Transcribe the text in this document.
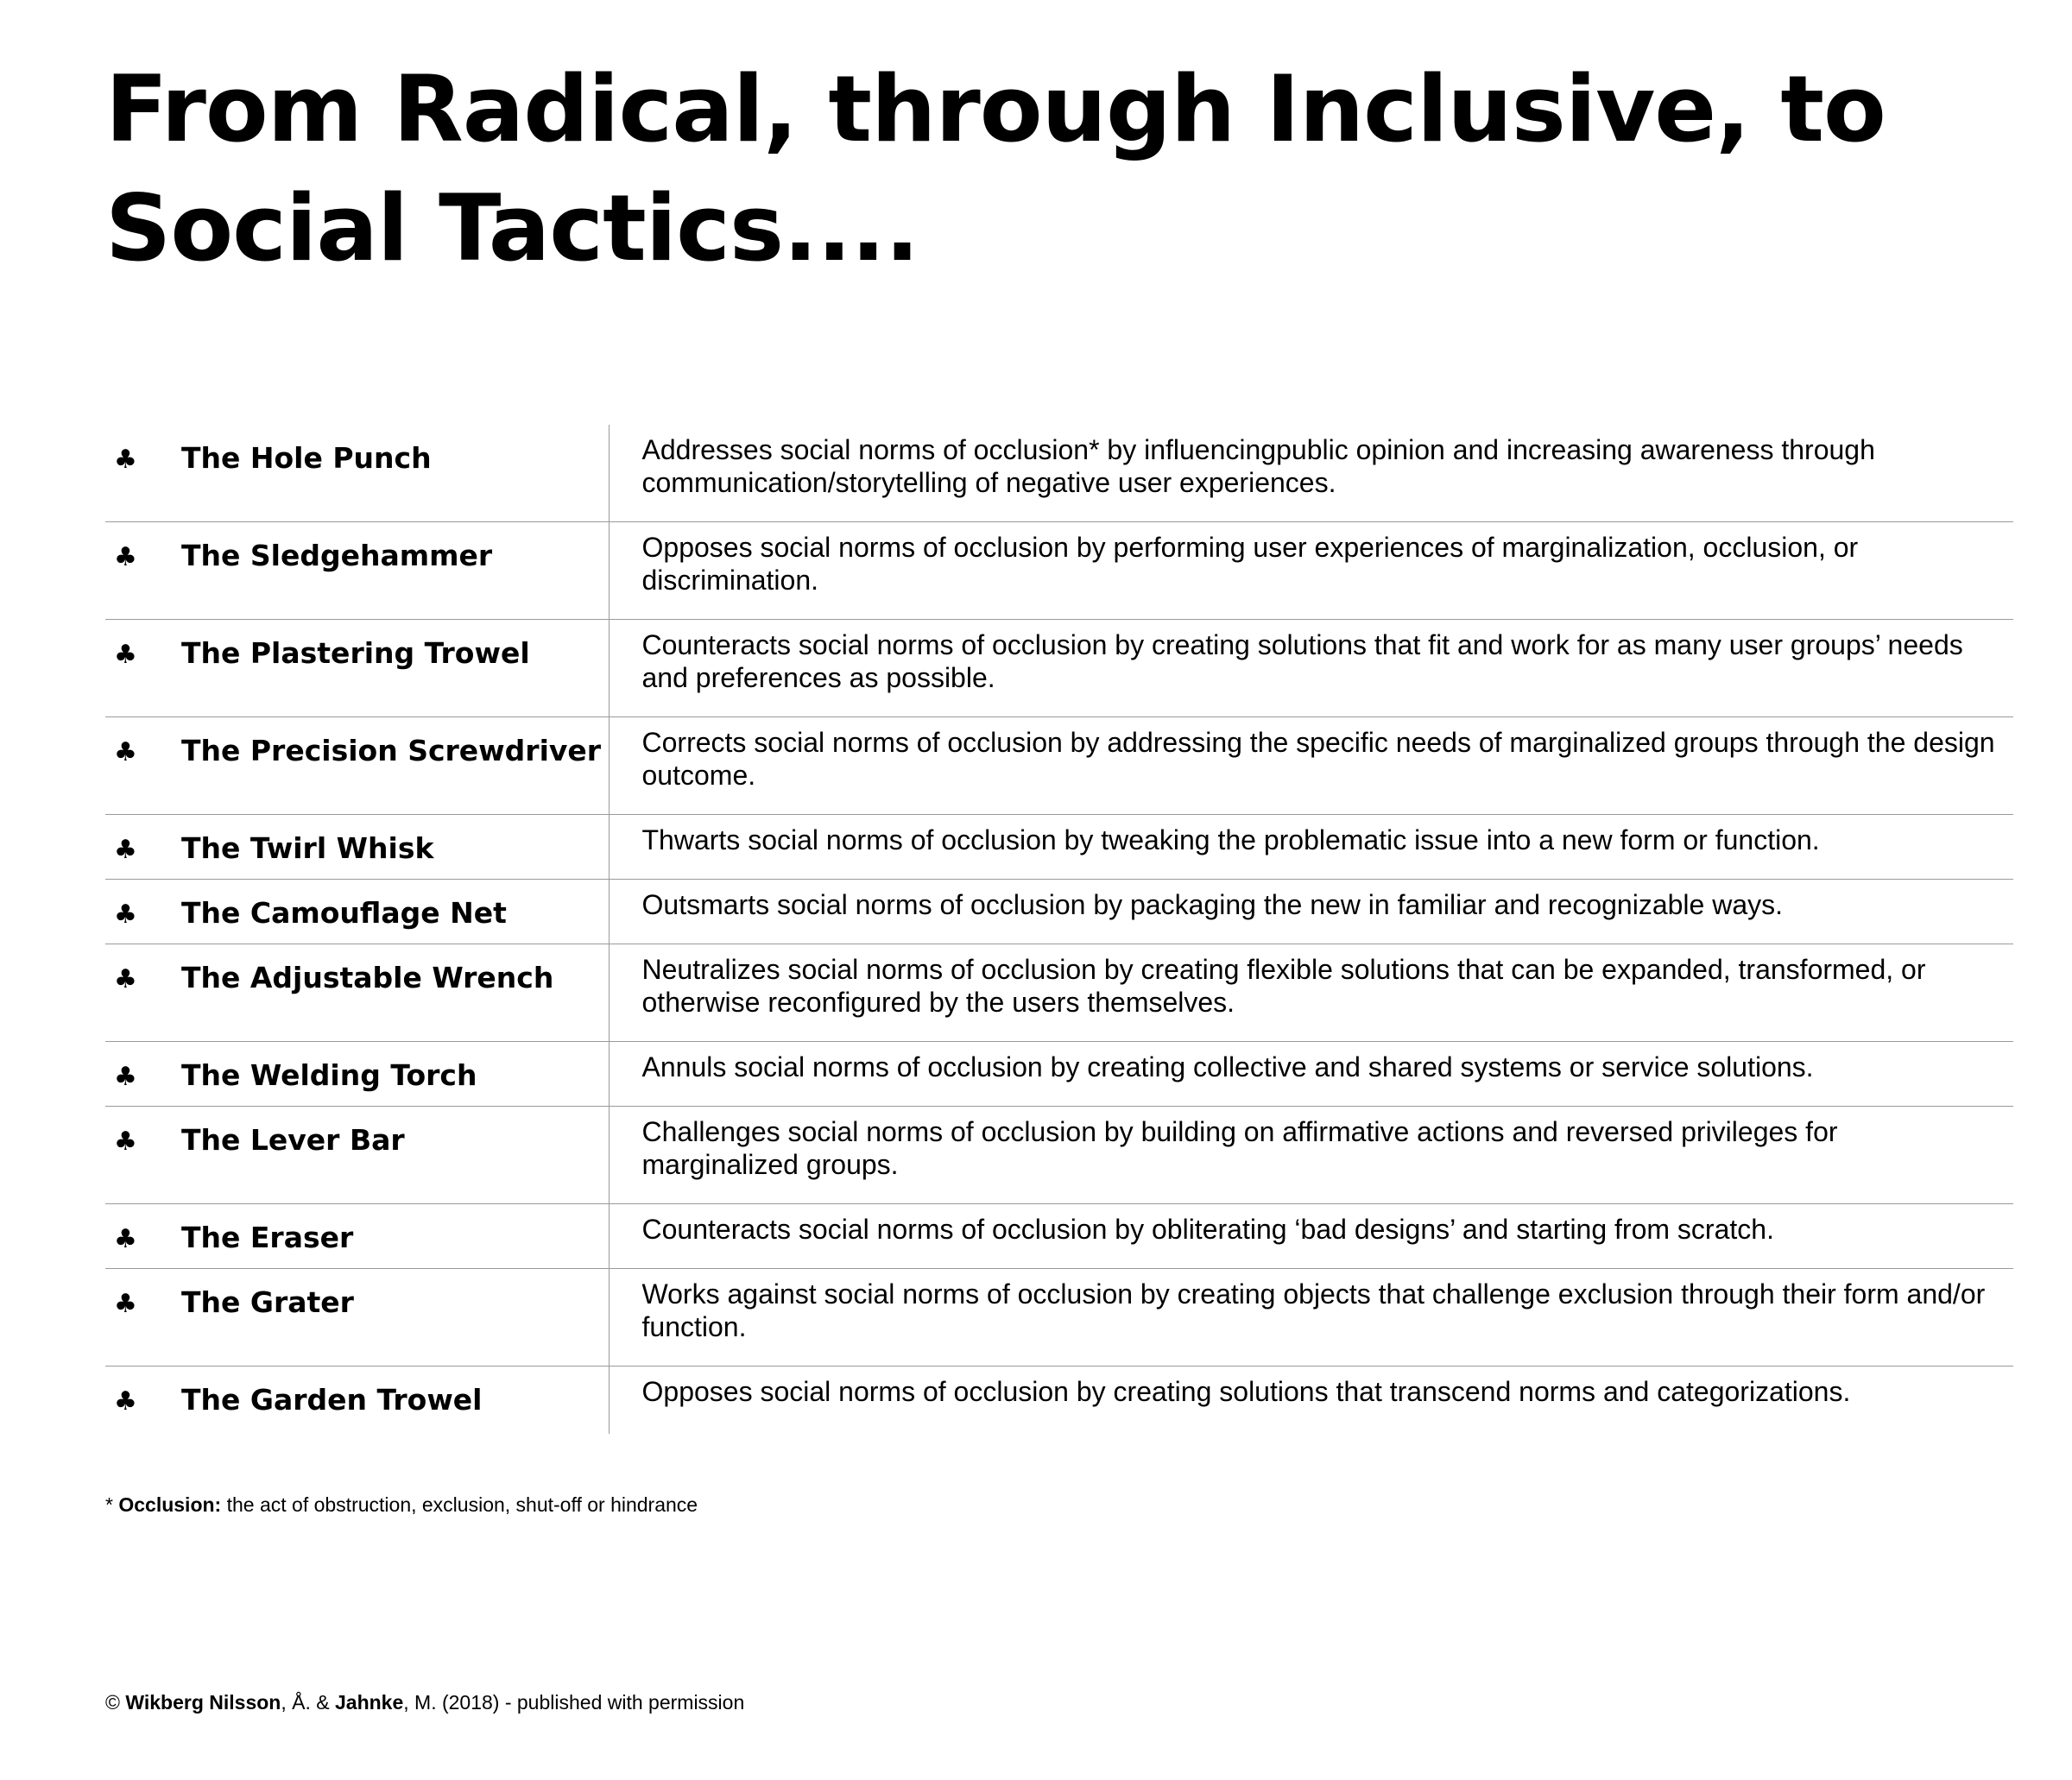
From Radical, through Inclusive, to Social Tactics....
♣	The Hole Punch	Addresses social norms of occlusion* by influencingpublic opinion and increasing awareness through communication/storytelling of negative user experiences.
♣	The Sledgehammer	Opposes social norms of occlusion by performing user experiences of marginalization, occlusion, or discrimination.
♣	The Plastering Trowel	Counteracts social norms of occlusion by creating solutions that fit and work for as many user groups’ needs and preferences as possible.
♣	The Precision Screwdriver	Corrects social norms of occlusion by addressing the specific needs of marginalized groups through the design outcome.
♣	The Twirl Whisk	Thwarts social norms of occlusion by tweaking the problematic issue into a new form or function.
♣	The Camouflage Net	Outsmarts social norms of occlusion by packaging the new in familiar and recognizable ways.
♣	The Adjustable Wrench	Neutralizes social norms of occlusion by creating flexible solutions that can be expanded, transformed, or otherwise reconfigured by the users themselves.
♣	The Welding Torch	Annuls social norms of occlusion by creating collective and shared systems or service solutions.
♣	The Lever Bar	Challenges social norms of occlusion by building on affirmative actions and reversed privileges for marginalized groups.
♣	The Eraser	Counteracts social norms of occlusion by obliterating ‘bad designs’ and starting from scratch.
♣	The Grater	Works against social norms of occlusion by creating objects that challenge exclusion through their form and/or function.
♣	The Garden Trowel	Opposes social norms of occlusion by creating solutions that transcend norms and categorizations.

* Occlusion: the act of obstruction, exclusion, shut-off or hindrance

© Wikberg Nilsson, Å. & Jahnke, M. (2018) - published with permission
